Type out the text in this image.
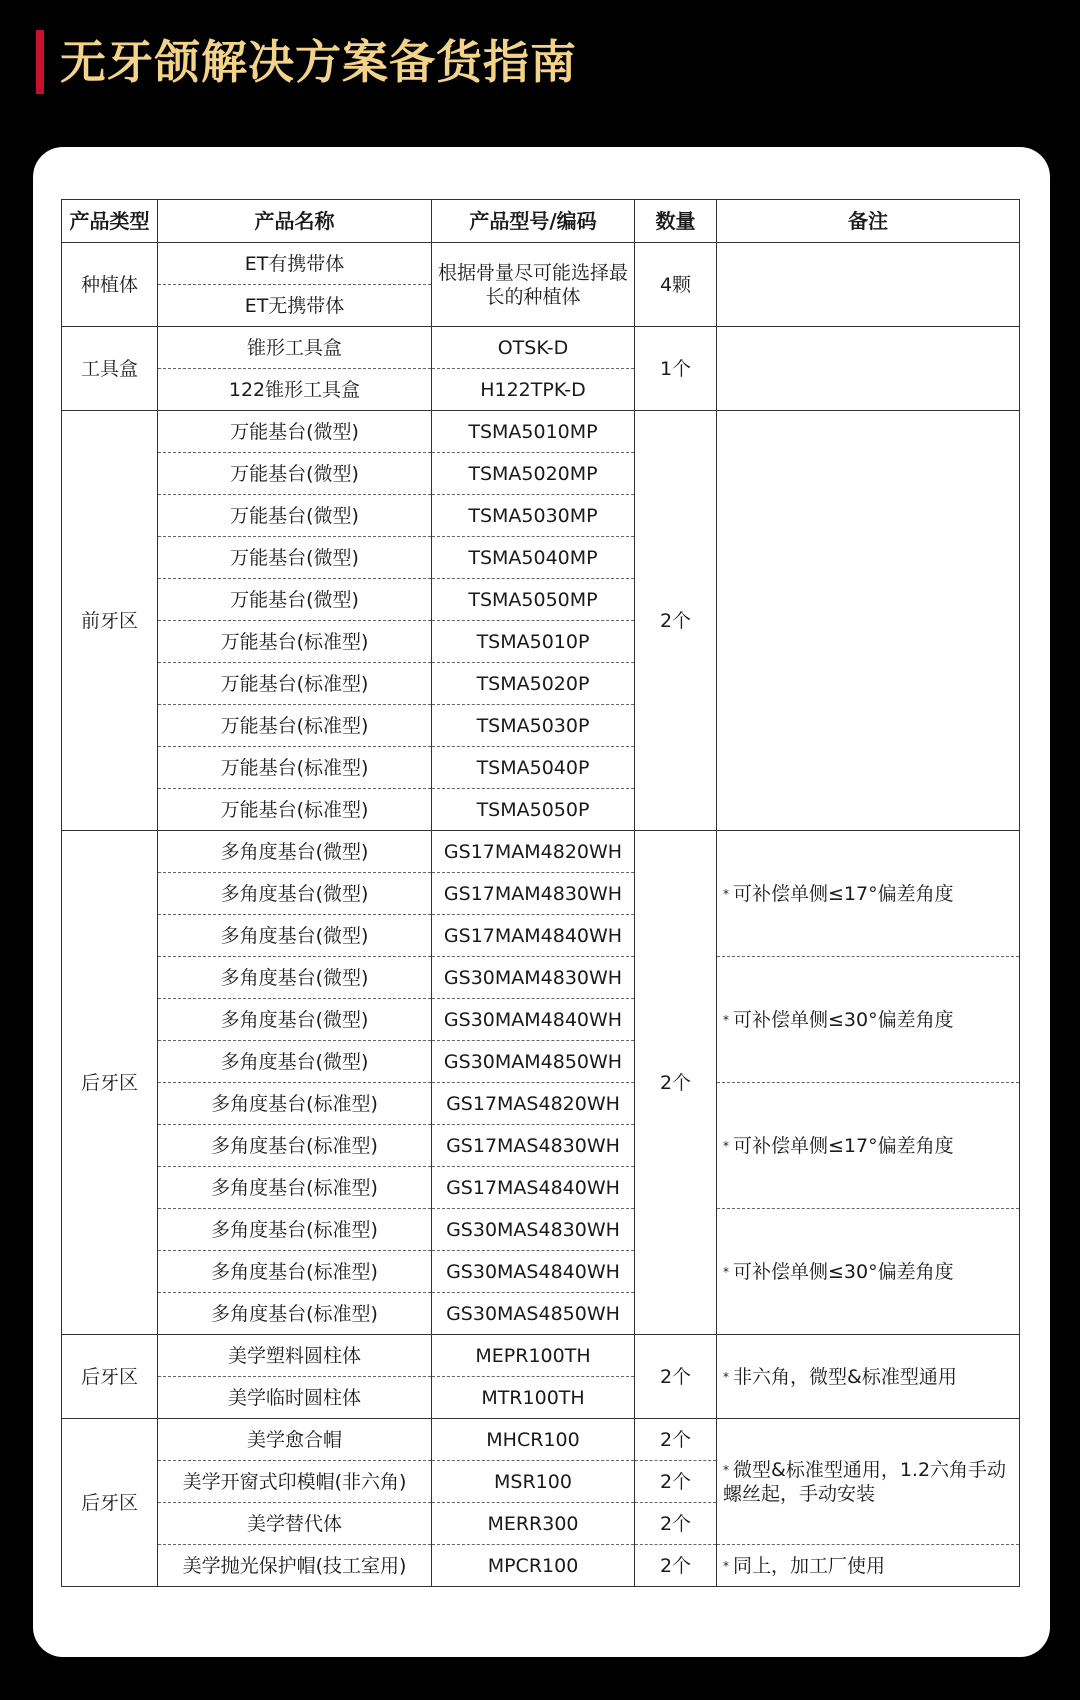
无牙颌解决方案备货指南
产品类型	产品名称	产品型号/编码	数量	备注
种植体	ET有携带体	根据骨量尽可能选择最长的种植体	4颗	
	ET无携带体			
工具盒	锥形工具盒	OTSK-D	1个	
	122锥形工具盒	H122TPK-D		
前牙区	万能基台(微型)	TSMA5010MP	2个	
	万能基台(微型)	TSMA5020MP		
	万能基台(微型)	TSMA5030MP		
	万能基台(微型)	TSMA5040MP		
	万能基台(微型)	TSMA5050MP		
	万能基台(标准型)	TSMA5010P		
	万能基台(标准型)	TSMA5020P		
	万能基台(标准型)	TSMA5030P		
	万能基台(标准型)	TSMA5040P		
	万能基台(标准型)	TSMA5050P		
后牙区	多角度基台(微型)	GS17MAM4820WH	2个	* 可补偿单侧≤17°偏差角度
	多角度基台(微型)	GS17MAM4830WH		
	多角度基台(微型)	GS17MAM4840WH		
	多角度基台(微型)	GS30MAM4830WH		* 可补偿单侧≤30°偏差角度
	多角度基台(微型)	GS30MAM4840WH		
	多角度基台(微型)	GS30MAM4850WH		
	多角度基台(标准型)	GS17MAS4820WH		* 可补偿单侧≤17°偏差角度
	多角度基台(标准型)	GS17MAS4830WH		
	多角度基台(标准型)	GS17MAS4840WH		
	多角度基台(标准型)	GS30MAS4830WH		* 可补偿单侧≤30°偏差角度
	多角度基台(标准型)	GS30MAS4840WH		
	多角度基台(标准型)	GS30MAS4850WH		
后牙区	美学塑料圆柱体	MEPR100TH	2个	* 非六角，微型&标准型通用
	美学临时圆柱体	MTR100TH		
后牙区	美学愈合帽	MHCR100	2个	* 微型&标准型通用，1.2六角手动螺丝起，手动安装
	美学开窗式印模帽(非六角)	MSR100	2个	
	美学替代体	MERR300	2个	
	美学抛光保护帽(技工室用)	MPCR100	2个	* 同上，加工厂使用
